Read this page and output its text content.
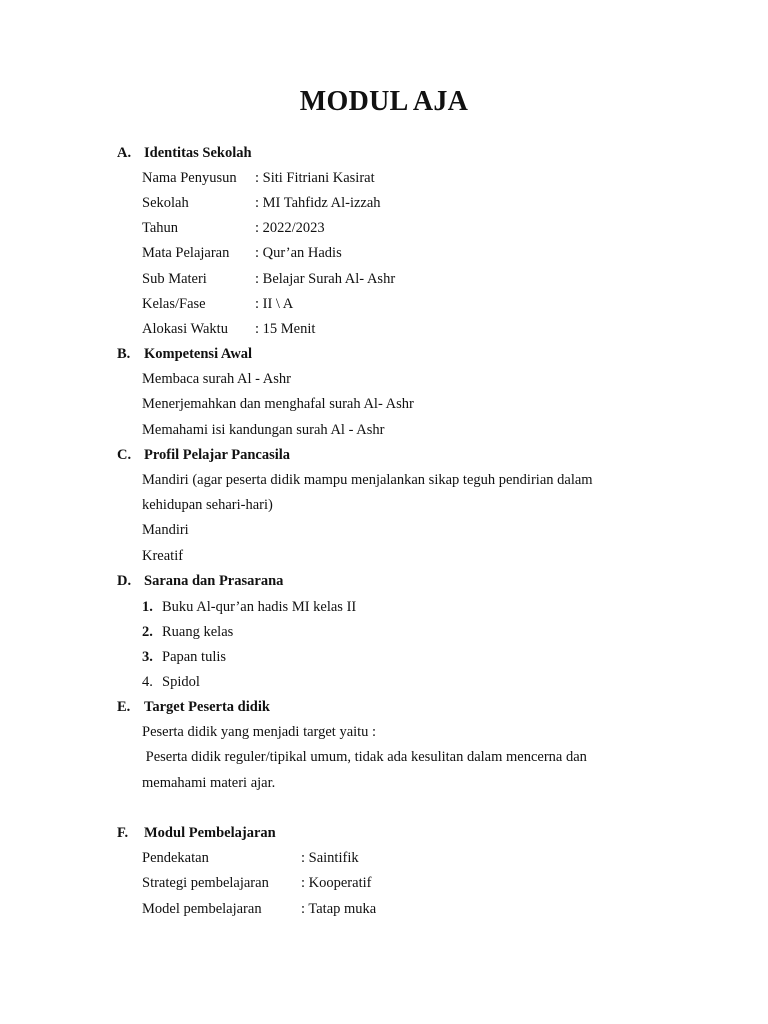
MODUL AJA
A. Identitas Sekolah
Nama Penyusun : Siti Fitriani Kasirat
Sekolah	: MI Tahfidz Al-izzah
Tahun	: 2022/2023
Mata Pelajaran : Qur’an Hadis
Sub Materi	: Belajar Surah Al- Ashr
Kelas/Fase	: II \ A
Alokasi Waktu : 15 Menit
B. Kompetensi Awal
Membaca surah Al - Ashr
Menerjemahkan dan menghafal surah Al- Ashr
Memahami isi kandungan surah Al - Ashr
C. Profil Pelajar Pancasila
Mandiri (agar peserta didik mampu menjalankan sikap teguh pendirian dalam
kehidupan sehari-hari)
Mandiri
Kreatif
D. Sarana dan Prasarana
1. Buku Al-qur’an hadis MI kelas II
2. Ruang kelas
3. Papan tulis
4. Spidol
E. Target Peserta didik
Peserta didik yang menjadi target yaitu :
Peserta didik reguler/tipikal umum, tidak ada kesulitan dalam mencerna dan
memahami materi ajar.
F. Modul Pembelajaran
Pendekatan	: Saintifik
Strategi pembelajaran : Kooperatif
Model pembelajaran	: Tatap muka
